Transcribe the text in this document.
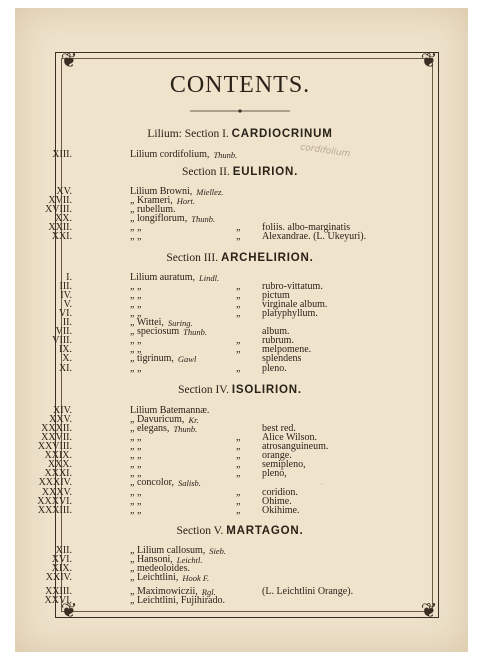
❦	❦
❦	❦
CONTENTS.
Lilium: Section I. CARDIOCRINUM
Section II. EULIRION.
Section III. ARCHELIRION.
Section IV. ISOLIRION.
Section V. MARTAGON.
XIII.	Lilium cordifolium, Thunb.
XV.	Lilium Browni, Miellez.
XVII.	„ Krameri, Hort.
XVIII.	„ rubellum.
XX.	„ longiflorum, Thunb.
XXII.	„ „	„ foliis. albo-marginatis
XXI.	„ „	„ Alexandrae. (L. Ukeyuri).
I.	Lilium auratum, Lindl.
III.	„ „	„ rubro-vittatum.
IV.	„ „	„ pictum
V.	„ „	„ virginale album.
VI.	„ „	„ platyphyllum.
II.	„ Wittei, Suring.
VII.	„ speciosum Thunb.	album.
VIII.	„ „	„ rubrum.
IX.	„ „	„ melpomene.
X.	„ tigrinum, Gawl	splendens
XI.	„ „	„ pleno.
XIV.	Lilium Batemannæ.
XXV.	„ Davuricum, Kr.
XXXII.	„ elegans, Thunb.	best red.
XXVII.	„ „	„ Alice Wilson.
XXVIII.	„ „	„ atrosanguineum.
XXIX.	„ „	„ orange.
XXX.	„ „	„ semipleno,
XXXI.	„ „	„ pleno,
XXXIV.	„ concolor, Salisb.
XXXV.	„ „	„ coridion.
XXXVI.	„ „	„ Ohime.
XXXIII.	„ „	„ Okihime.
XII.	„ Lilium callosum, Sieb.
XVI.	„ Hansoni, Leichtl.
XIX.	„ medeoloides.
XXIV.	„ Leichtlini, Hook F.
XXIII.	„ Maximowiczii, Rgl.	(L. Leichtlini Orange).
XXVI.	„ Leichtlini, Fujihirado.
cordifolium
·
